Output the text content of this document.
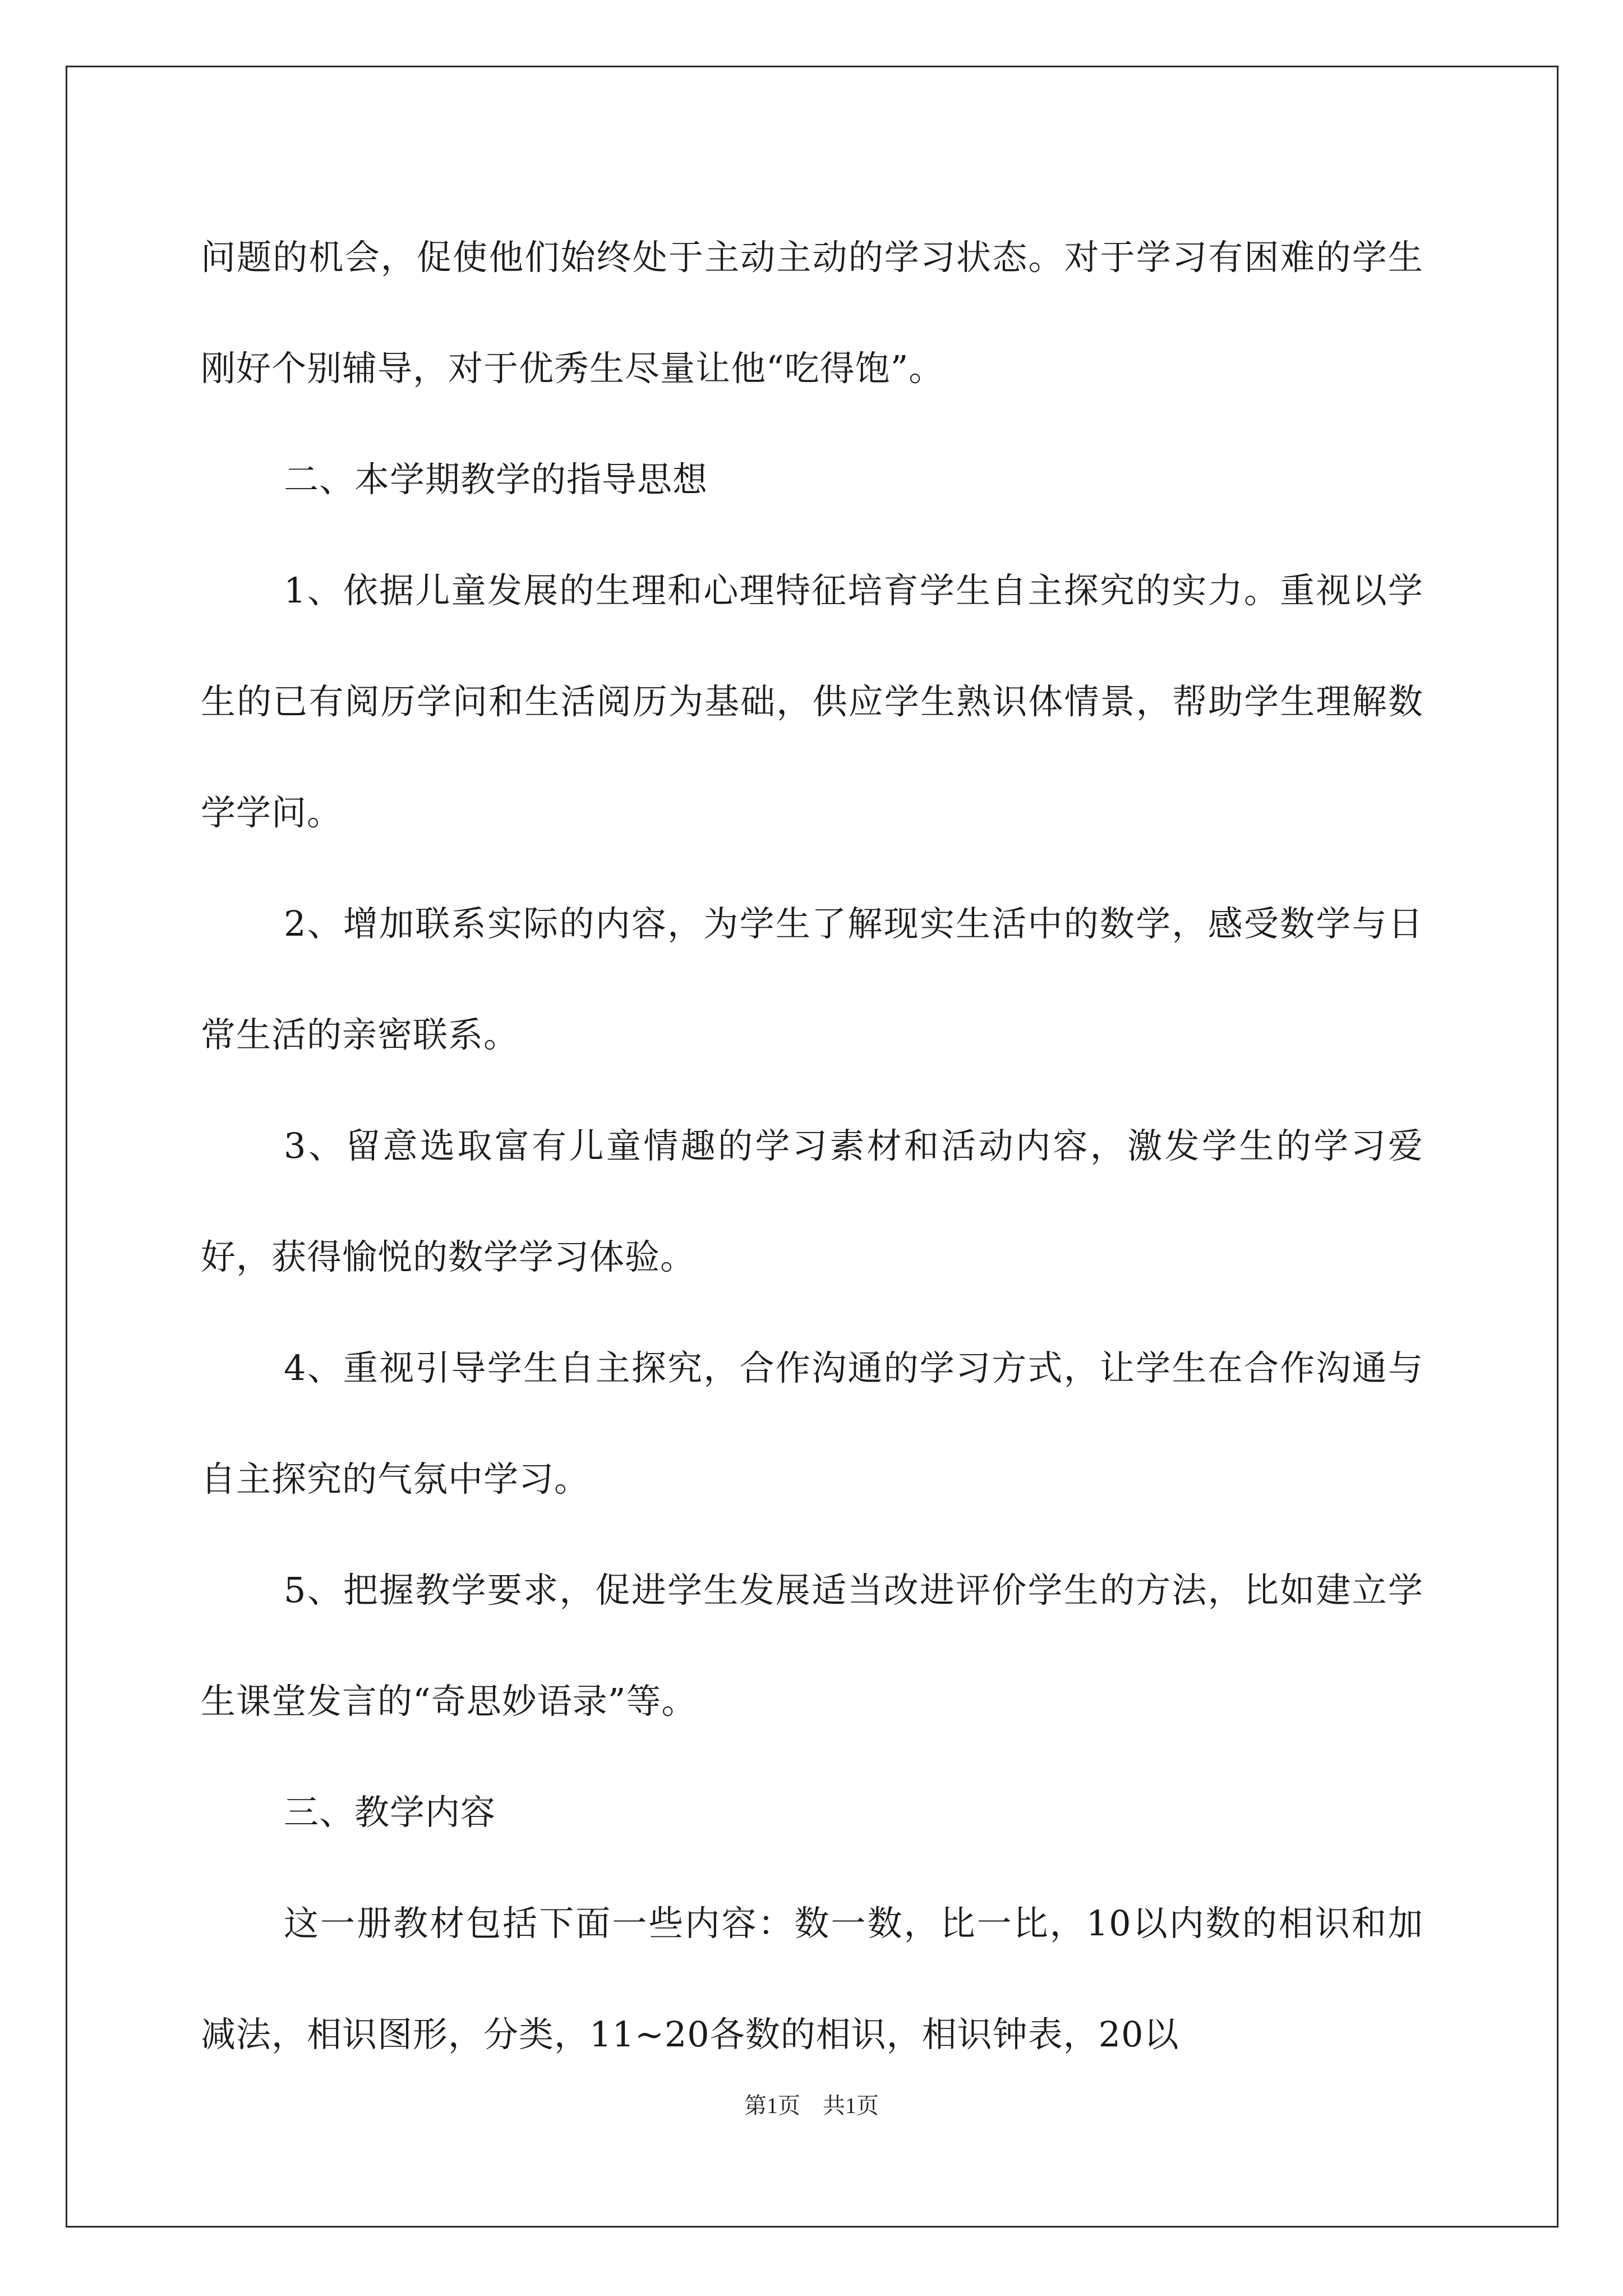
问题的机会，促使他们始终处于主动主动的学习状态。对于学习有困难的学生刚好个别辅导，对于优秀生尽量让他“吃得饱”。

二、本学期教学的指导思想

1、依据儿童发展的生理和心理特征培育学生自主探究的实力。重视以学生的已有阅历学问和生活阅历为基础，供应学生熟识体情景，帮助学生理解数学学问。

2、增加联系实际的内容，为学生了解现实生活中的数学，感受数学与日常生活的亲密联系。

3、留意选取富有儿童情趣的学习素材和活动内容，激发学生的学习爱好，获得愉悦的数学学习体验。

4、重视引导学生自主探究，合作沟通的学习方式，让学生在合作沟通与自主探究的气氛中学习。

5、把握教学要求，促进学生发展适当改进评价学生的方法，比如建立学生课堂发言的“奇思妙语录”等。

三、教学内容

这一册教材包括下面一些内容：数一数，比一比，10以内数的相识和加减法，相识图形，分类，11~20各数的相识，相识钟表，20以

第1页 共1页
